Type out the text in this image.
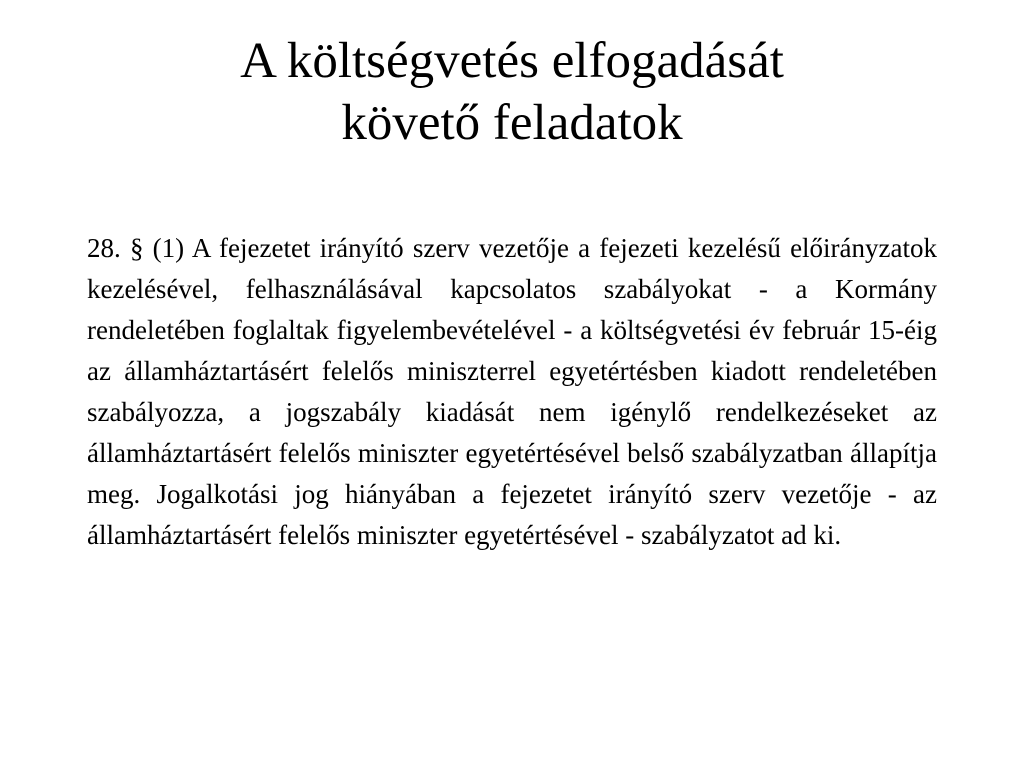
A költségvetés elfogadását
követő feladatok

28. § (1) A fejezetet irányító szerv vezetője a fejezeti kezelésű előirányzatok kezelésével, felhasználásával kapcsolatos szabályokat - a Kormány rendeletében foglaltak figyelembevételével - a költségvetési év február 15-éig az államháztartásért felelős miniszterrel egyetértésben kiadott rendeletében szabályozza, a jogszabály kiadását nem igénylő rendelkezéseket az államháztartásért felelős miniszter egyetértésével belső szabályzatban állapítja meg. Jogalkotási jog hiányában a fejezetet irányító szerv vezetője - az államháztartásért felelős miniszter egyetértésével - szabályzatot ad ki.
